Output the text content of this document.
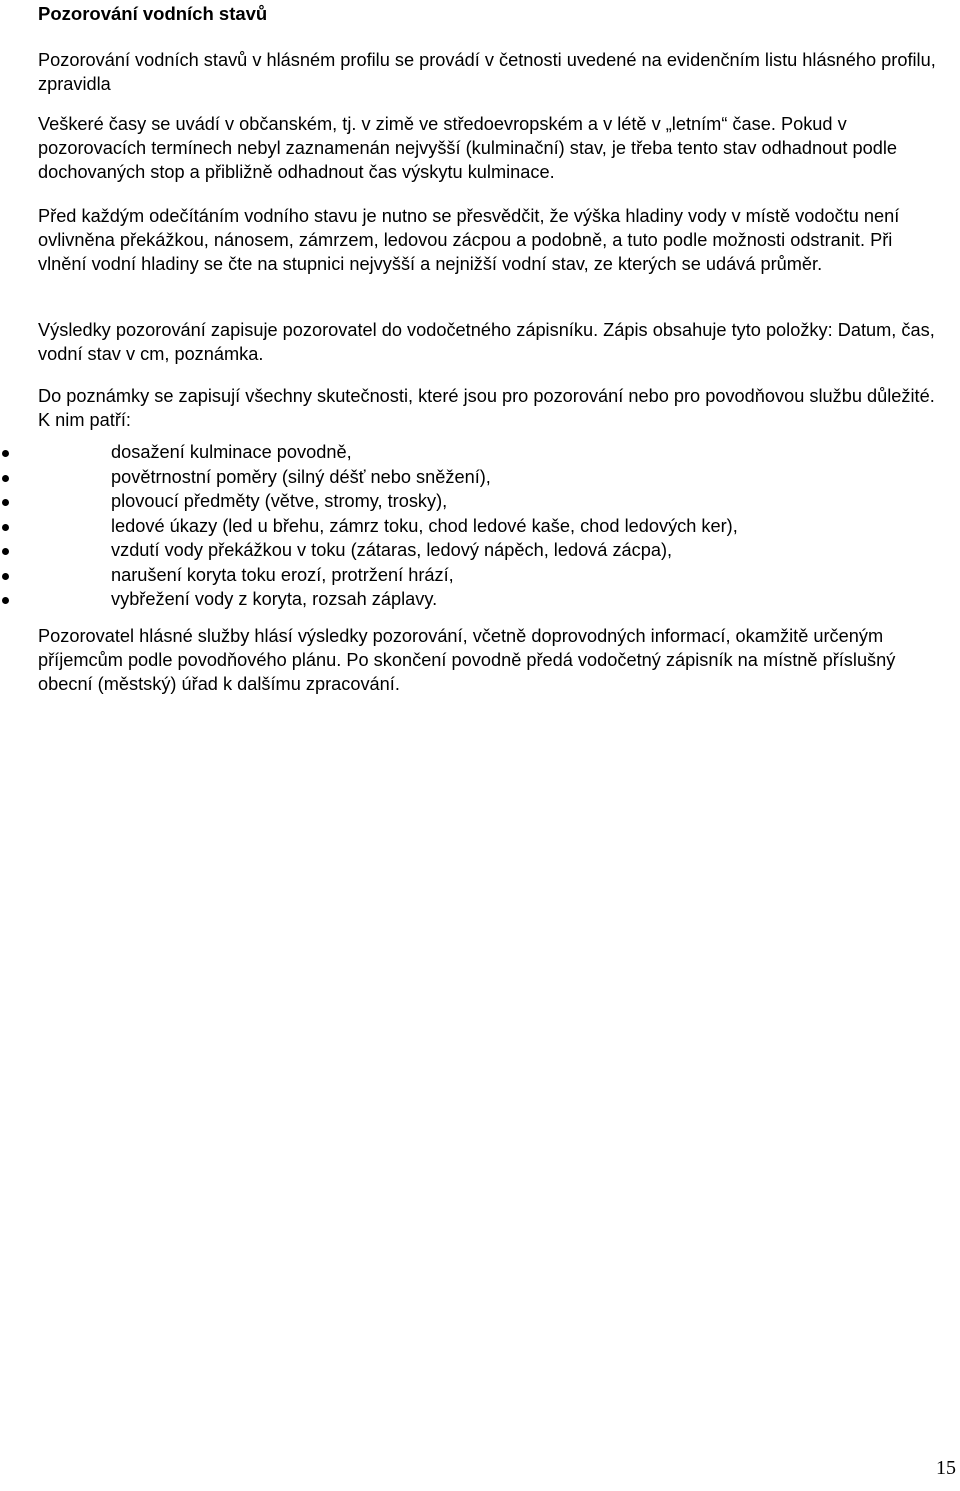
Pozorování vodních stavů

Pozorování vodních stavů v hlásném profilu se provádí v četnosti uvedené na evidenčním listu hlásného profilu, zpravidla

Veškeré časy se uvádí v občanském, tj. v zimě ve středoevropském a v létě v „letním“ čase. Pokud v pozorovacích termínech nebyl zaznamenán nejvyšší (kulminační) stav, je třeba tento stav odhadnout podle dochovaných stop a přibližně odhadnout čas výskytu kulminace.

Před každým odečítáním vodního stavu je nutno se přesvědčit, že výška hladiny vody v místě vodočtu není ovlivněna překážkou, nánosem, zámrzem, ledovou zácpou a podobně, a tuto podle možnosti odstranit. Při vlnění vodní hladiny se čte na stupnici nejvyšší a nejnižší vodní stav, ze kterých se udává průměr.

Výsledky pozorování zapisuje pozorovatel do vodočetného zápisníku. Zápis obsahuje tyto položky: Datum, čas, vodní stav v cm, poznámka.

Do poznámky se zapisují všechny skutečnosti, které jsou pro pozorování nebo pro povodňovou službu důležité. K nim patří:

dosažení kulminace povodně,
povětrnostní poměry (silný déšť nebo sněžení),
plovoucí předměty (větve, stromy, trosky),
ledové úkazy (led u břehu, zámrz toku, chod ledové kaše, chod ledových ker),
vzdutí vody překážkou v toku (zátaras, ledový nápěch, ledová zácpa),
narušení koryta toku erozí, protržení hrází,
vybřežení vody z koryta, rozsah záplavy.

Pozorovatel hlásné služby hlásí výsledky pozorování, včetně doprovodných informací, okamžitě určeným příjemcům podle povodňového plánu. Po skončení povodně předá vodočetný zápisník na místně příslušný obecní (městský) úřad k dalšímu zpracování.

15
